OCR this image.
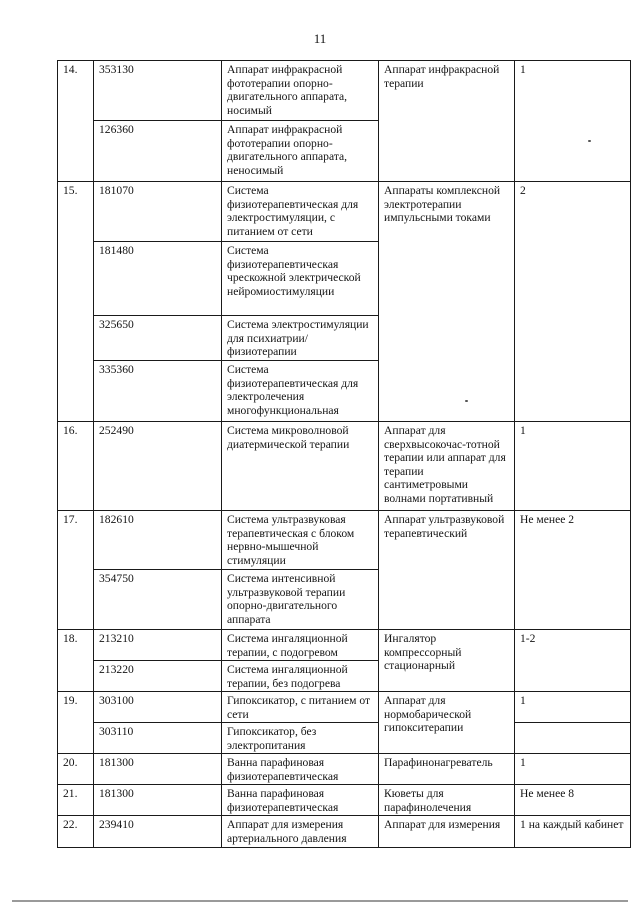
11
14.	353130	Аппарат инфракрасной фототерапии опорно-двигательного аппарата, носимый	Аппарат инфракрасной терапии	1
	126360	Аппарат инфракрасной фототерапии опорно-двигательного аппарата, неносимый		
15.	181070	Система физиотерапевтическая для электростимуляции, с питанием от сети	Аппараты комплексной электротерапии импульсными токами	2
	181480	Система физиотерапевтическая чрескожной электрической нейромиостимуляции		
	325650	Система электростимуляции для психиатрии/физиотерапии		
	335360	Система физиотерапевтическая для электролечения многофункциональная		
16.	252490	Система микроволновой диатермической терапии	Аппарат для сверхвысокочас-тотной терапии или аппарат для терапии сантиметровыми волнами портативный	1
17.	182610	Система ультразвуковая терапевтическая с блоком нервно-мышечной стимуляции	Аппарат ультразвуковой терапевтический	Не менее 2
	354750	Система интенсивной ультразвуковой терапии опорно-двигательного аппарата		
18.	213210	Система ингаляционной терапии, с подогревом	Ингалятор компрессорный стационарный	1-2
	213220	Система ингаляционной терапии, без подогрева		
19.	303100	Гипоксикатор, с питанием от сети	Аппарат для нормобарической гипокситерапии	1
	303110	Гипоксикатор, без электропитания		
20.	181300	Ванна парафиновая физиотерапевтическая	Парафинонагреватель	1
21.	181300	Ванна парафиновая физиотерапевтическая	Кюветы для парафинолечения	Не менее 8
22.	239410	Аппарат для измерения артериального давления	Аппарат для измерения	1 на каждый кабинет
